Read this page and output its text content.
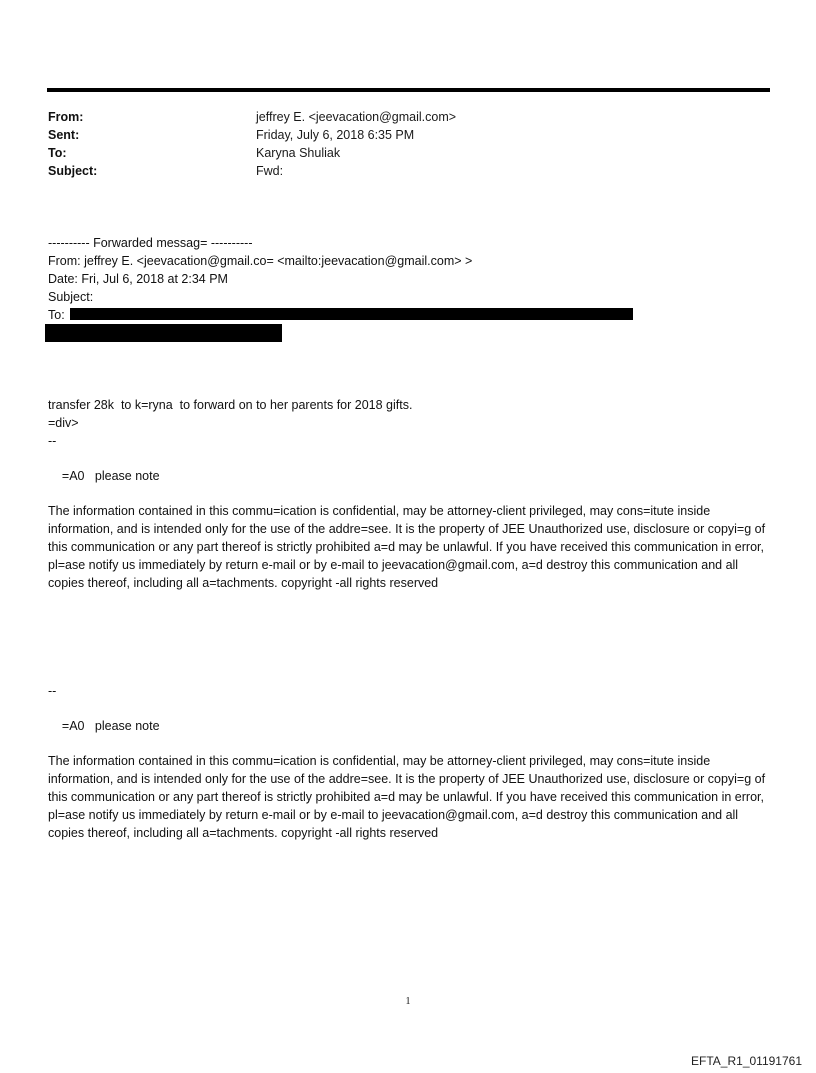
From:	jeffrey E. <jeevacation@gmail.com>
Sent:	Friday, July 6, 2018 6:35 PM
To:	Karyna Shuliak
Subject:	Fwd:
---------- Forwarded messag= ----------
From: jeffrey E. <jeevacation@gmail.co= <mailto:jeevacation@gmail.com> >
Date: Fri, Jul 6, 2018 at 2:34 PM
Subject:
To:
transfer 28k  to k=ryna  to forward on to her parents for 2018 gifts.
=div>
--
=A0   please note
The information contained in this commu=ication is confidential, may be attorney-client privileged, may cons=itute inside information, and is intended only for the use of the addre=see. It is the property of JEE Unauthorized use, disclosure or copyi=g of this communication or any part thereof is strictly prohibited a=d may be unlawful. If you have received this communication in error, pl=ase notify us immediately by return e-mail or by e-mail to jeevacation@gmail.com, a=d destroy this communication and all copies thereof, including all a=tachments. copyright -all rights reserved
--
=A0   please note
The information contained in this commu=ication is confidential, may be attorney-client privileged, may cons=itute inside information, and is intended only for the use of the addre=see. It is the property of JEE Unauthorized use, disclosure or copyi=g of this communication or any part thereof is strictly prohibited a=d may be unlawful. If you have received this communication in error, pl=ase notify us immediately by return e-mail or by e-mail to jeevacation@gmail.com, a=d destroy this communication and all copies thereof, including all a=tachments. copyright -all rights reserved
1
EFTA_R1_01191761
